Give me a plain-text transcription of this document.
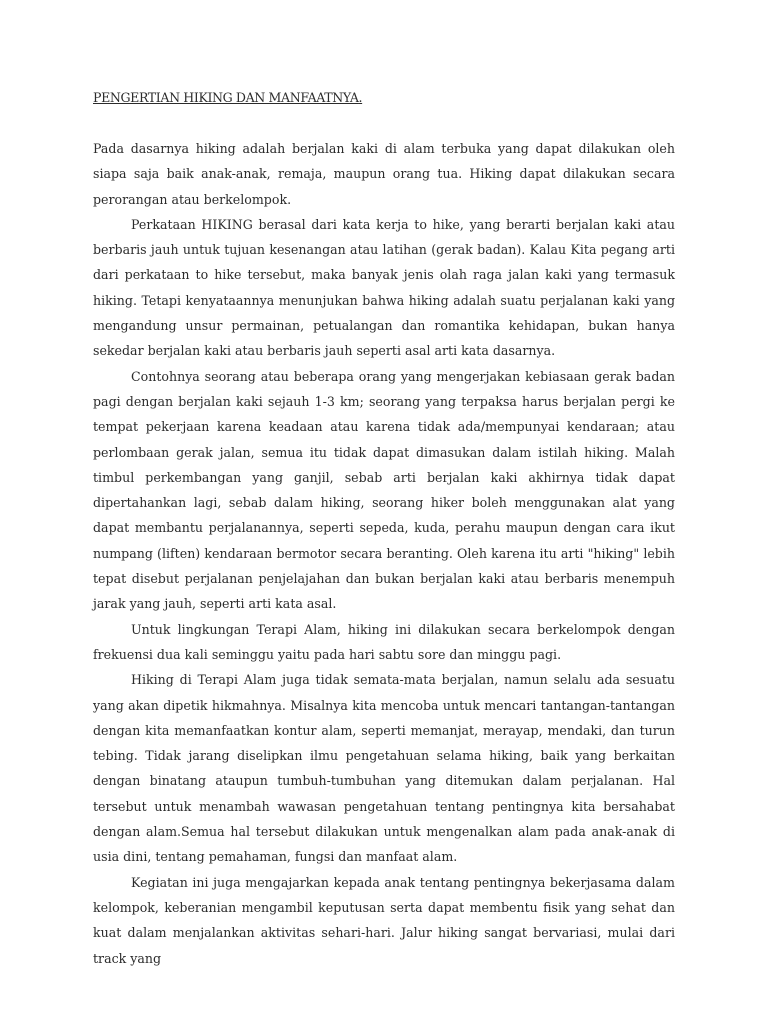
PENGERTIAN HIKING DAN MANFAATNYA.

Pada dasarnya hiking adalah berjalan kaki di alam terbuka yang dapat dilakukan oleh siapa saja baik anak-anak, remaja, maupun orang tua. Hiking dapat dilakukan secara perorangan atau berkelompok.

Perkataan HIKING berasal dari kata kerja to hike, yang berarti berjalan kaki atau berbaris jauh untuk tujuan kesenangan atau latihan (gerak badan). Kalau Kita pegang arti dari perkataan to hike tersebut, maka banyak jenis olah raga jalan kaki yang termasuk hiking. Tetapi kenyataannya menunjukan bahwa hiking adalah suatu perjalanan kaki yang mengandung unsur permainan, petualangan dan romantika kehidapan, bukan hanya sekedar berjalan kaki atau berbaris jauh seperti asal arti kata dasarnya.

Contohnya seorang atau beberapa orang yang mengerjakan kebiasaan gerak badan pagi dengan berjalan kaki sejauh 1-3 km; seorang yang terpaksa harus berjalan pergi ke tempat pekerjaan karena keadaan atau karena tidak ada/mempunyai kendaraan; atau perlombaan gerak jalan, semua itu tidak dapat dimasukan dalam istilah hiking. Malah timbul perkembangan yang ganjil, sebab arti berjalan kaki akhirnya tidak dapat dipertahankan lagi, sebab dalam hiking, seorang hiker boleh menggunakan alat yang dapat membantu perjalanannya, seperti sepeda, kuda, perahu maupun dengan cara ikut numpang (liften) kendaraan bermotor secara beranting. Oleh karena itu arti "hiking" lebih tepat disebut perjalanan penjelajahan dan bukan berjalan kaki atau berbaris menempuh jarak yang jauh, seperti arti kata asal.

Untuk lingkungan Terapi Alam, hiking ini dilakukan secara berkelompok dengan frekuensi dua kali seminggu yaitu pada hari sabtu sore dan minggu pagi.

Hiking di Terapi Alam juga tidak semata-mata berjalan, namun selalu ada sesuatu yang akan dipetik hikmahnya. Misalnya kita mencoba untuk mencari tantangan-tantangan dengan kita memanfaatkan kontur alam, seperti memanjat, merayap, mendaki, dan turun tebing. Tidak jarang diselipkan ilmu pengetahuan selama hiking, baik yang berkaitan dengan binatang ataupun tumbuh-tumbuhan yang ditemukan dalam perjalanan. Hal tersebut untuk menambah wawasan pengetahuan tentang pentingnya kita bersahabat dengan alam.Semua hal tersebut dilakukan untuk mengenalkan alam pada anak-anak di usia dini, tentang pemahaman, fungsi dan manfaat alam.

Kegiatan ini juga mengajarkan kepada anak tentang pentingnya bekerjasama dalam kelompok, keberanian mengambil keputusan serta dapat membentu fisik yang sehat dan kuat dalam menjalankan aktivitas sehari-hari. Jalur hiking sangat bervariasi, mulai dari track yang
